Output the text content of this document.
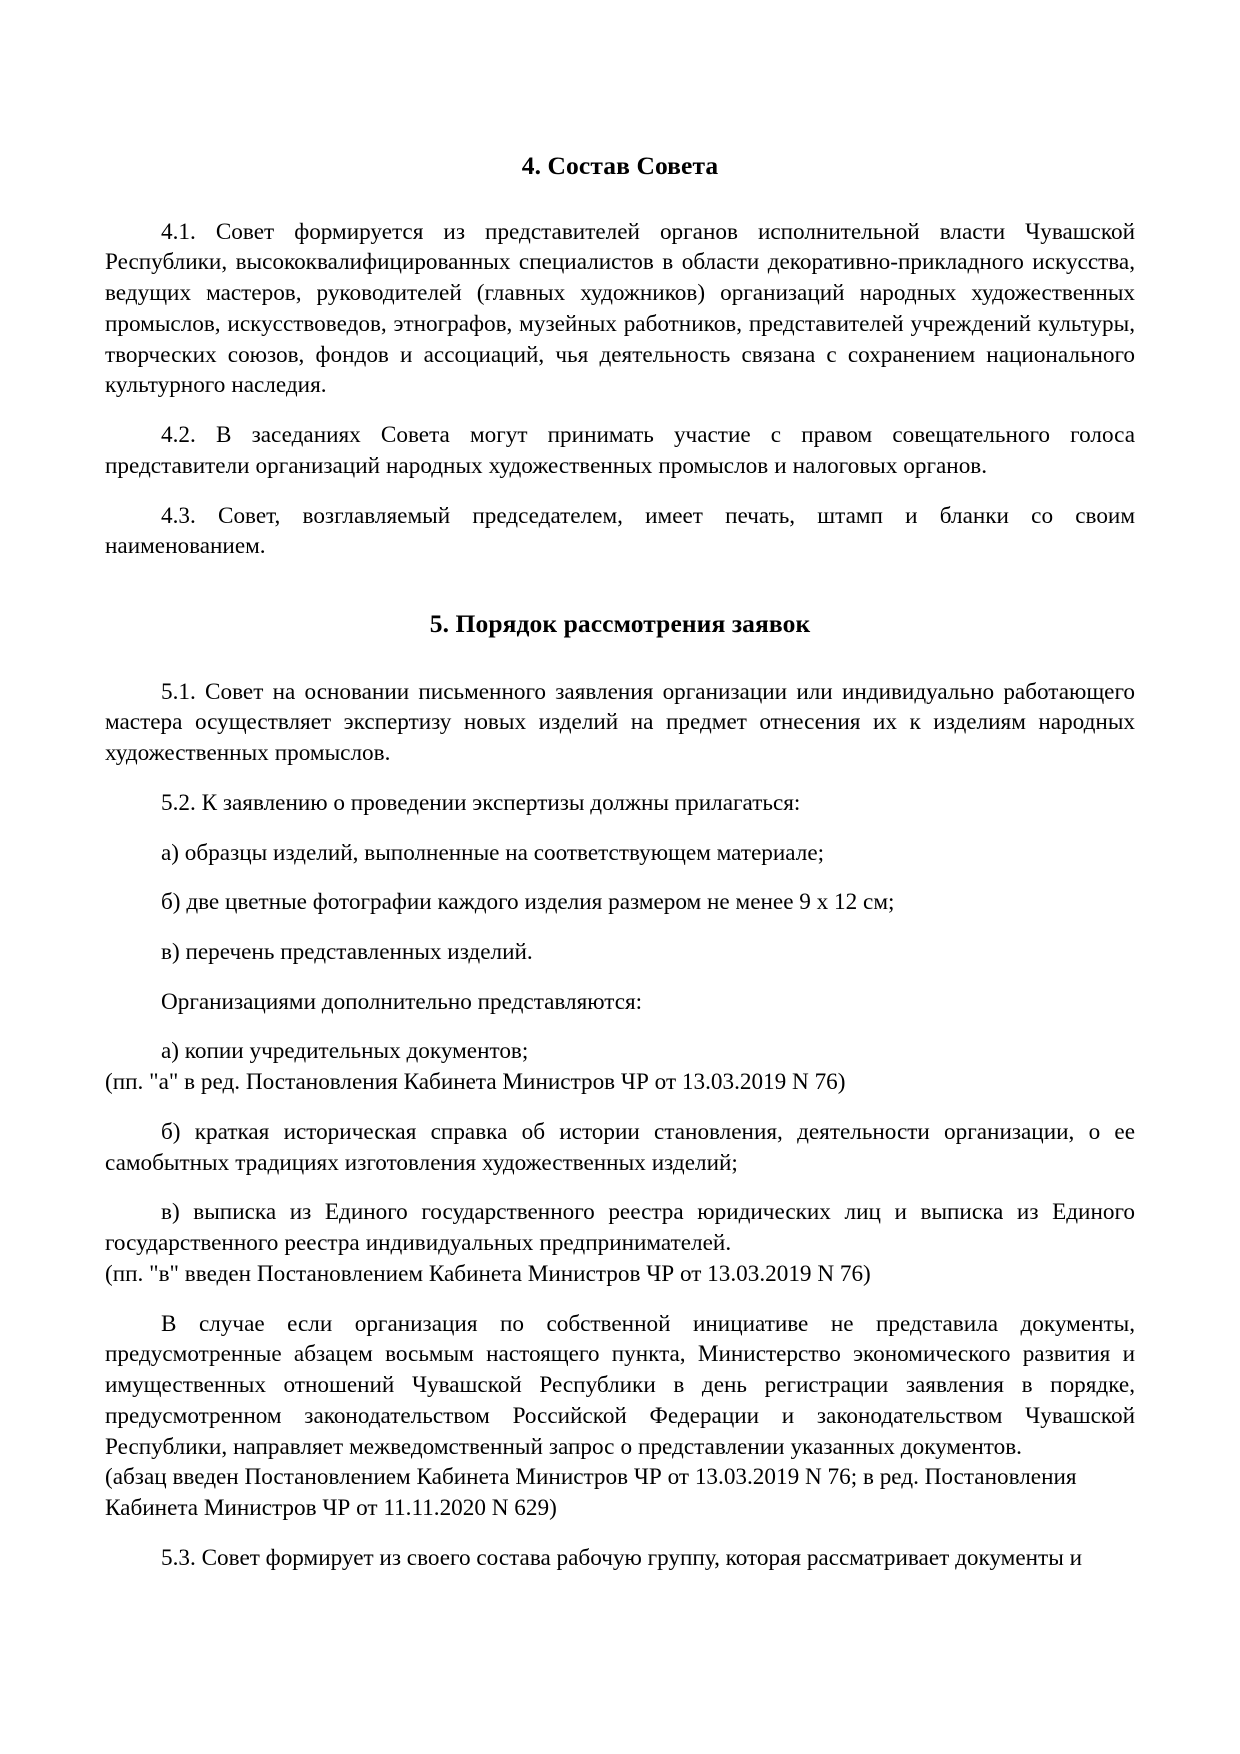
4. Состав Совета

4.1. Совет формируется из представителей органов исполнительной власти Чувашской Республики, высококвалифицированных специалистов в области декоративно-прикладного искусства, ведущих мастеров, руководителей (главных художников) организаций народных художественных промыслов, искусствоведов, этнографов, музейных работников, представителей учреждений культуры, творческих союзов, фондов и ассоциаций, чья деятельность связана с сохранением национального культурного наследия.

4.2. В заседаниях Совета могут принимать участие с правом совещательного голоса представители организаций народных художественных промыслов и налоговых органов.

4.3. Совет, возглавляемый председателем, имеет печать, штамп и бланки со своим наименованием.

5. Порядок рассмотрения заявок

5.1. Совет на основании письменного заявления организации или индивидуально работающего мастера осуществляет экспертизу новых изделий на предмет отнесения их к изделиям народных художественных промыслов.

5.2. К заявлению о проведении экспертизы должны прилагаться:

а) образцы изделий, выполненные на соответствующем материале;

б) две цветные фотографии каждого изделия размером не менее 9 х 12 см;

в) перечень представленных изделий.

Организациями дополнительно представляются:

а) копии учредительных документов;

(пп. "а" в ред. Постановления Кабинета Министров ЧР от 13.03.2019 N 76)

б) краткая историческая справка об истории становления, деятельности организации, о ее самобытных традициях изготовления художественных изделий;

в) выписка из Единого государственного реестра юридических лиц и выписка из Единого государственного реестра индивидуальных предпринимателей.

(пп. "в" введен Постановлением Кабинета Министров ЧР от 13.03.2019 N 76)

В случае если организация по собственной инициативе не представила документы, предусмотренные абзацем восьмым настоящего пункта, Министерство экономического развития и имущественных отношений Чувашской Республики в день регистрации заявления в порядке, предусмотренном законодательством Российской Федерации и законодательством Чувашской Республики, направляет межведомственный запрос о представлении указанных документов.

(абзац введен Постановлением Кабинета Министров ЧР от 13.03.2019 N 76; в ред. Постановления Кабинета Министров ЧР от 11.11.2020 N 629)

5.3. Совет формирует из своего состава рабочую группу, которая рассматривает документы и
